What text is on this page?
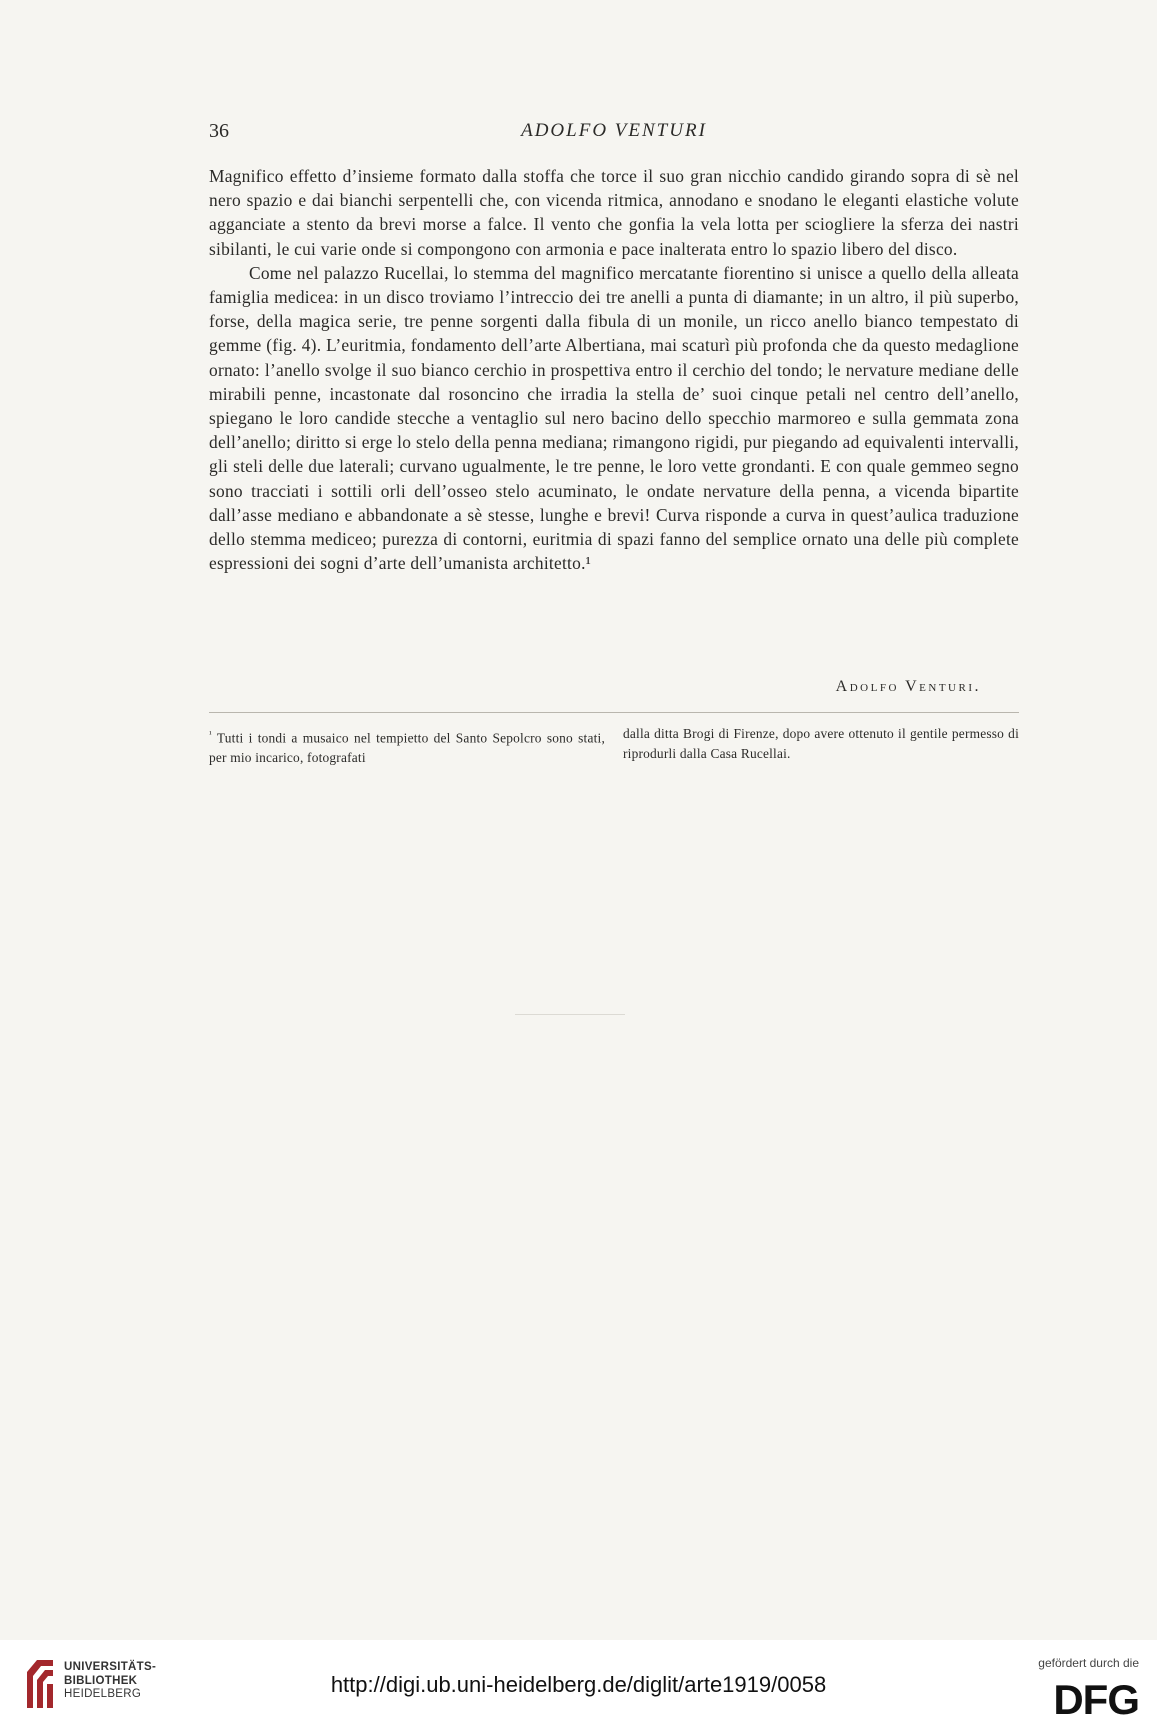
36	ADOLFO VENTURI

Magnifico effetto d’insieme formato dalla stoffa che torce il suo gran nicchio candido girando sopra di sè nel nero spazio e dai bianchi serpentelli che, con vicenda ritmica, annodano e snodano le eleganti elastiche volute agganciate a stento da brevi morse a falce. Il vento che gonfia la vela lotta per sciogliere la sferza dei nastri sibilanti, le cui varie onde si compongono con armonia e pace inalterata entro lo spazio libero del disco.

Come nel palazzo Rucellai, lo stemma del magnifico mercatante fiorentino si unisce a quello della alleata famiglia medicea: in un disco troviamo l’intreccio dei tre anelli a punta di diamante; in un altro, il più superbo, forse, della magica serie, tre penne sorgenti dalla fibula di un monile, un ricco anello bianco tempestato di gemme (fig. 4). L’euritmia, fondamento dell’arte Albertiana, mai scaturì più profonda che da questo medaglione ornato: l’anello svolge il suo bianco cerchio in prospettiva entro il cerchio del tondo; le nervature mediane delle mirabili penne, incastonate dal rosoncino che irradia la stella de’ suoi cinque petali nel centro dell’anello, spiegano le loro candide stecche a ventaglio sul nero bacino dello specchio marmoreo e sulla gemmata zona dell’anello; diritto si erge lo stelo della penna mediana; rimangono rigidi, pur piegando ad equivalenti intervalli, gli steli delle due laterali; curvano ugualmente, le tre penne, le loro vette grondanti. E con quale gemmeo segno sono tracciati i sottili orli dell’osseo stelo acuminato, le ondate nervature della penna, a vicenda bipartite dall’asse mediano e abbandonate a sè stesse, lunghe e brevi! Curva risponde a curva in quest’aulica traduzione dello stemma mediceo; purezza di contorni, euritmia di spazi fanno del semplice ornato una delle più complete espressioni dei sogni d’arte dell’umanista architetto.¹

Adolfo Venturi.
$^{^1}$ Tutti i tondi a musaico nel tempietto del Santo Sepolcro sono stati, per mio incarico, fotografati
dalla ditta Brogi di Firenze, dopo avere ottenuto il gentile permesso di riprodurli dalla Casa Rucellai.
UNIVERSITÄTS-
BIBLIOTHEK
HEIDELBERG	http://digi.ub.uni-heidelberg.de/diglit/arte1919/0058
gefördert durch die
DFG
